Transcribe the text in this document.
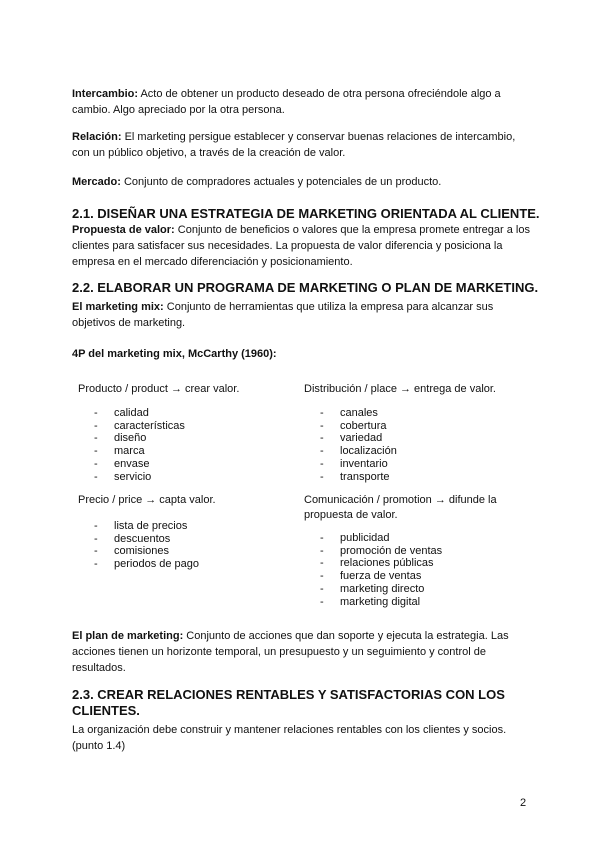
Intercambio: Acto de obtener un producto deseado de otra persona ofreciéndole algo a cambio. Algo apreciado por la otra persona.

Relación: El marketing persigue establecer y conservar buenas relaciones de intercambio, con un público objetivo, a través de la creación de valor.

Mercado: Conjunto de compradores actuales y potenciales de un producto.

2.1. DISEÑAR UNA ESTRATEGIA DE MARKETING ORIENTADA AL CLIENTE.

Propuesta de valor: Conjunto de beneficios o valores que la empresa promete entregar a los clientes para satisfacer sus necesidades. La propuesta de valor diferencia y posiciona la empresa en el mercado diferenciación y posicionamiento.

2.2. ELABORAR UN PROGRAMA DE MARKETING O PLAN DE MARKETING.

El marketing mix: Conjunto de herramientas que utiliza la empresa para alcanzar sus objetivos de marketing.

4P del marketing mix, McCarthy (1960):

Producto / product → crear valor.

- calidad
- características
- diseño
- marca
- envase
- servicio

Distribución / place → entrega de valor.

- canales
- cobertura
- variedad
- localización
- inventario
- transporte

Precio / price → capta valor.

- lista de precios
- descuentos
- comisiones
- periodos de pago

Comunicación / promotion → difunde la propuesta de valor.

- publicidad
- promoción de ventas
- relaciones públicas
- fuerza de ventas
- marketing directo
- marketing digital

El plan de marketing: Conjunto de acciones que dan soporte y ejecuta la estrategia. Las acciones tienen un horizonte temporal, un presupuesto y un seguimiento y control de resultados.

2.3. CREAR RELACIONES RENTABLES Y SATISFACTORIAS CON LOS CLIENTES.

La organización debe construir y mantener relaciones rentables con los clientes y socios. (punto 1.4)

2
